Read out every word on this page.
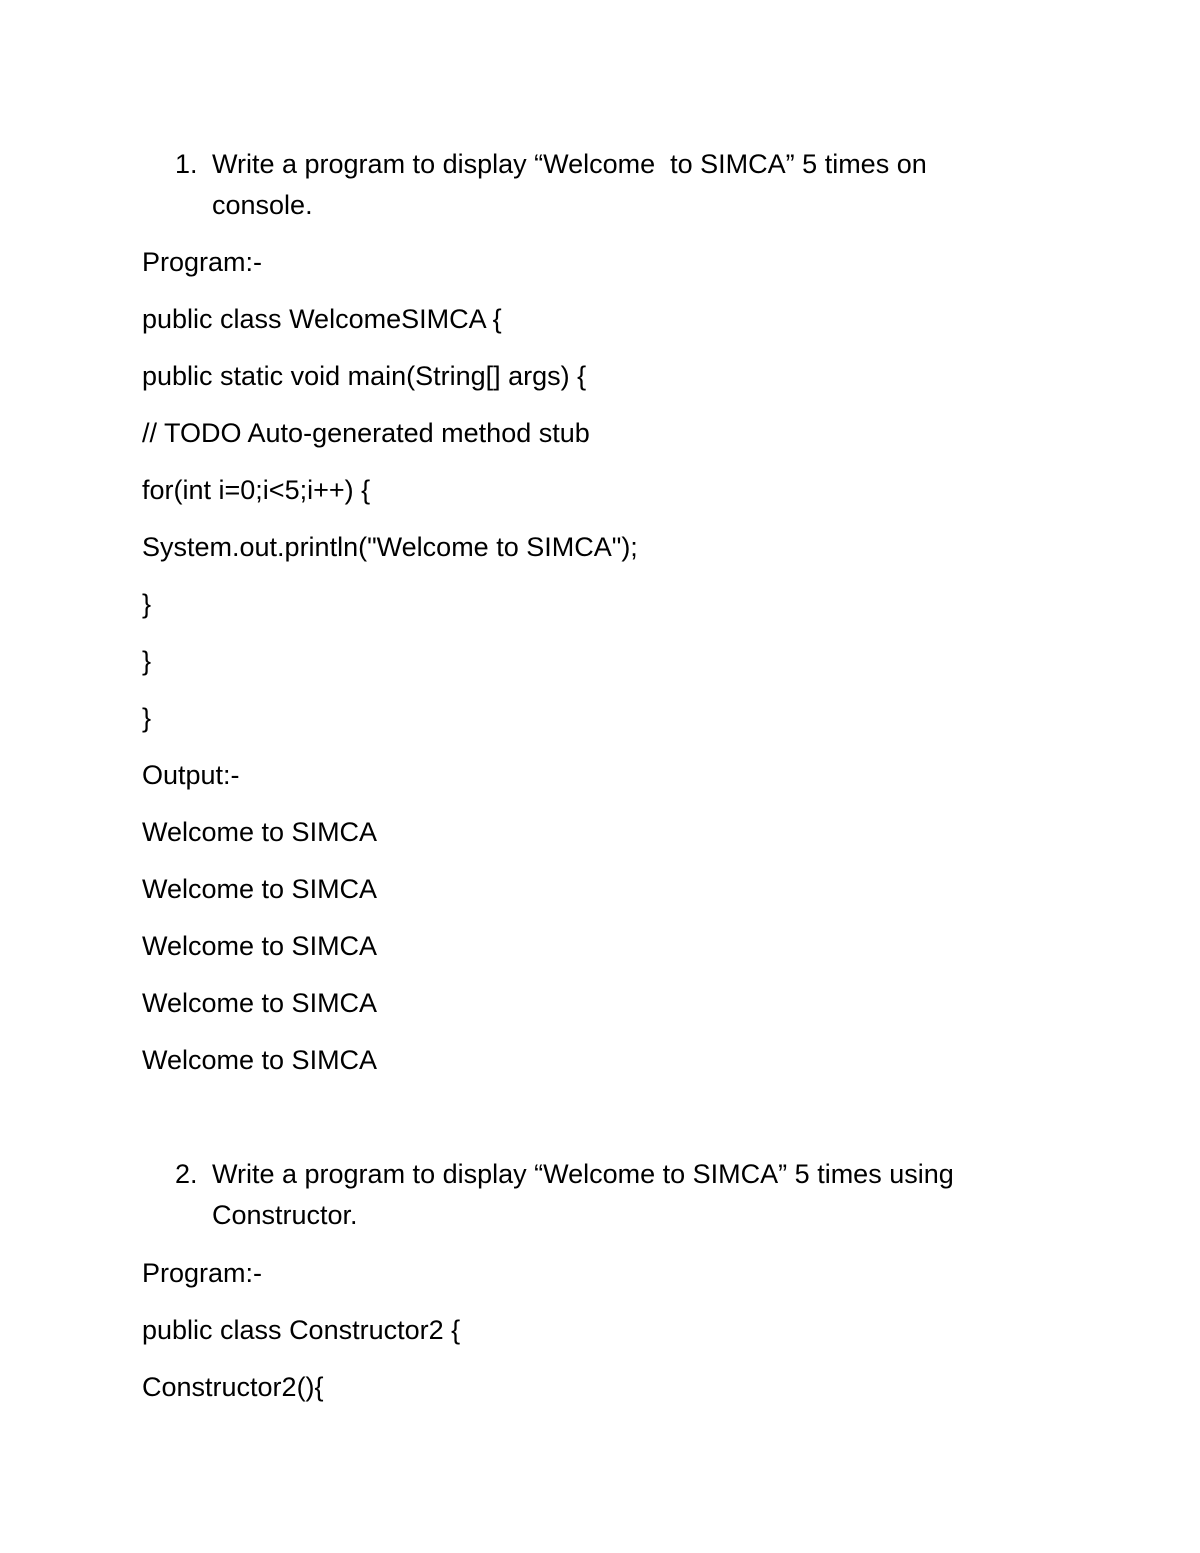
1. Write a program to display “Welcome  to SIMCA” 5 times on
console.
Program:-
public class WelcomeSIMCA {
public static void main(String[] args) {
// TODO Auto-generated method stub
for(int i=0;i<5;i++) {
System.out.println("Welcome to SIMCA");
}
}
}
Output:-
Welcome to SIMCA
Welcome to SIMCA
Welcome to SIMCA
Welcome to SIMCA
Welcome to SIMCA
2. Write a program to display “Welcome to SIMCA” 5 times using
Constructor.
Program:-
public class Constructor2 {
Constructor2(){
